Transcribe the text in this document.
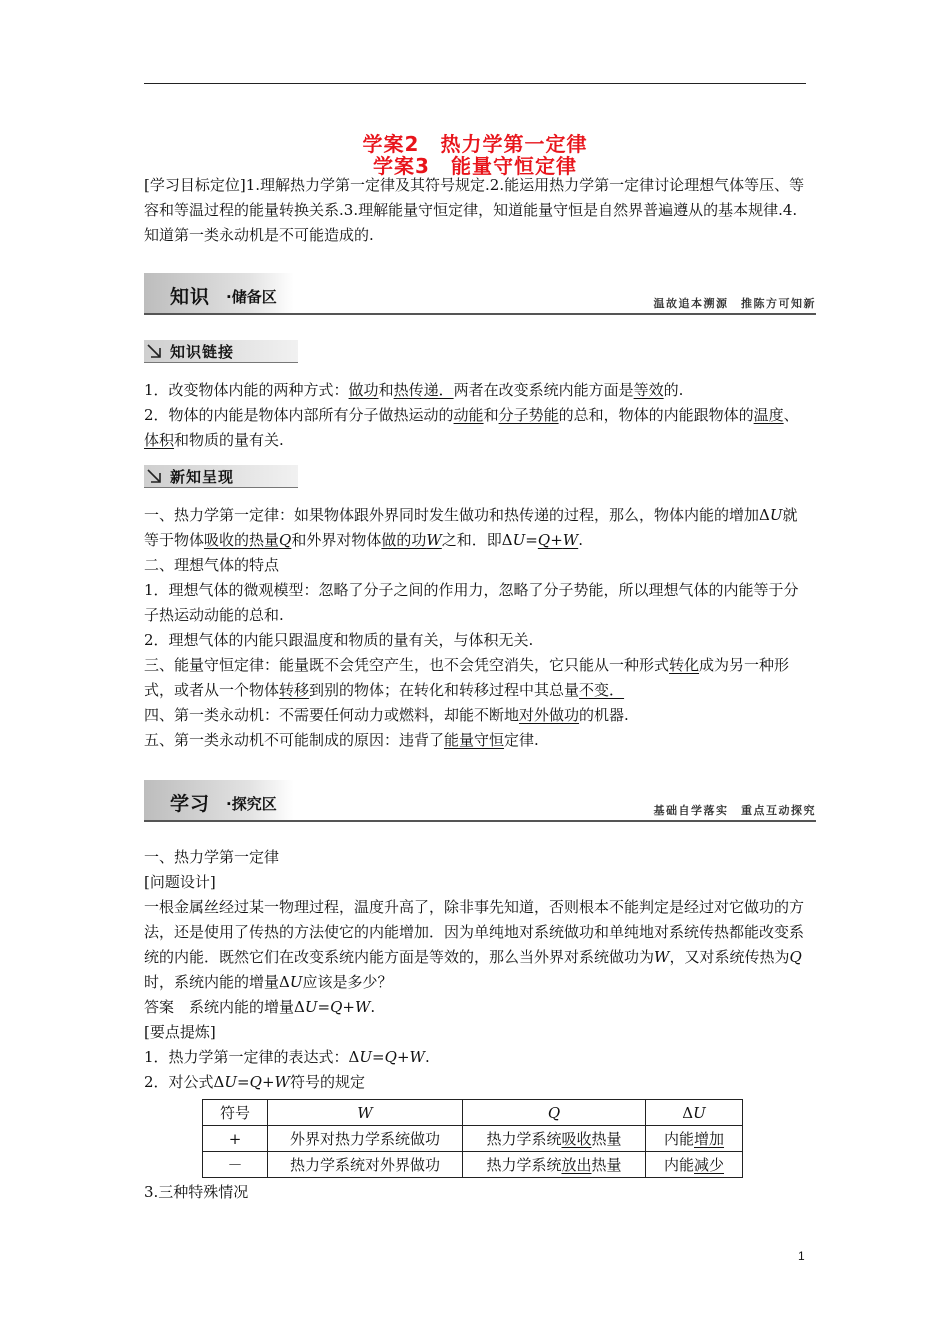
学案2　热力学第一定律
学案3　能量守恒定律
[学习目标定位]1.理解热力学第一定律及其符号规定.2.能运用热力学第一定律讨论理想气体等压、等容和等温过程的能量转换关系.3.理解能量守恒定律，知道能量守恒是自然界普遍遵从的基本规律.4.知道第一类永动机是不可能造成的.
知识 ·储备区	温故追本溯源　推陈方可知新
知识链接
1．改变物体内能的两种方式：做功和热传递．两者在改变系统内能方面是等效的.
2．物体的内能是物体内部所有分子做热运动的动能和分子势能的总和，物体的内能跟物体的温度、体积和物质的量有关.
新知呈现
一、热力学第一定律：如果物体跟外界同时发生做功和热传递的过程，那么，物体内能的增加ΔU就等于物体吸收的热量Q和外界对物体做的功W之和．即ΔU=Q+W.
二、理想气体的特点
1．理想气体的微观模型：忽略了分子之间的作用力，忽略了分子势能，所以理想气体的内能等于分子热运动动能的总和.
2．理想气体的内能只跟温度和物质的量有关，与体积无关.
三、能量守恒定律：能量既不会凭空产生，也不会凭空消失，它只能从一种形式转化成为另一种形式，或者从一个物体转移到别的物体；在转化和转移过程中其总量不变．
四、第一类永动机：不需要任何动力或燃料，却能不断地对外做功的机器.
五、第一类永动机不可能制成的原因：违背了能量守恒定律.
学习 ·探究区	基础自学落实　重点互动探究
一、热力学第一定律
[问题设计]
一根金属丝经过某一物理过程，温度升高了，除非事先知道，否则根本不能判定是经过对它做功的方法，还是使用了传热的方法使它的内能增加．因为单纯地对系统做功和单纯地对系统传热都能改变系统的内能．既然它们在改变系统内能方面是等效的，那么当外界对系统做功为W，又对系统传热为Q时，系统内能的增量ΔU应该是多少？
答案　系统内能的增量ΔU=Q+W.
[要点提炼]
1．热力学第一定律的表达式：ΔU=Q+W.
2．对公式ΔU=Q+W符号的规定
符号	W	Q	ΔU
+	外界对热力学系统做功	热力学系统吸收热量	内能增加
－	热力学系统对外界做功	热力学系统放出热量	内能减少
3.三种特殊情况
1
